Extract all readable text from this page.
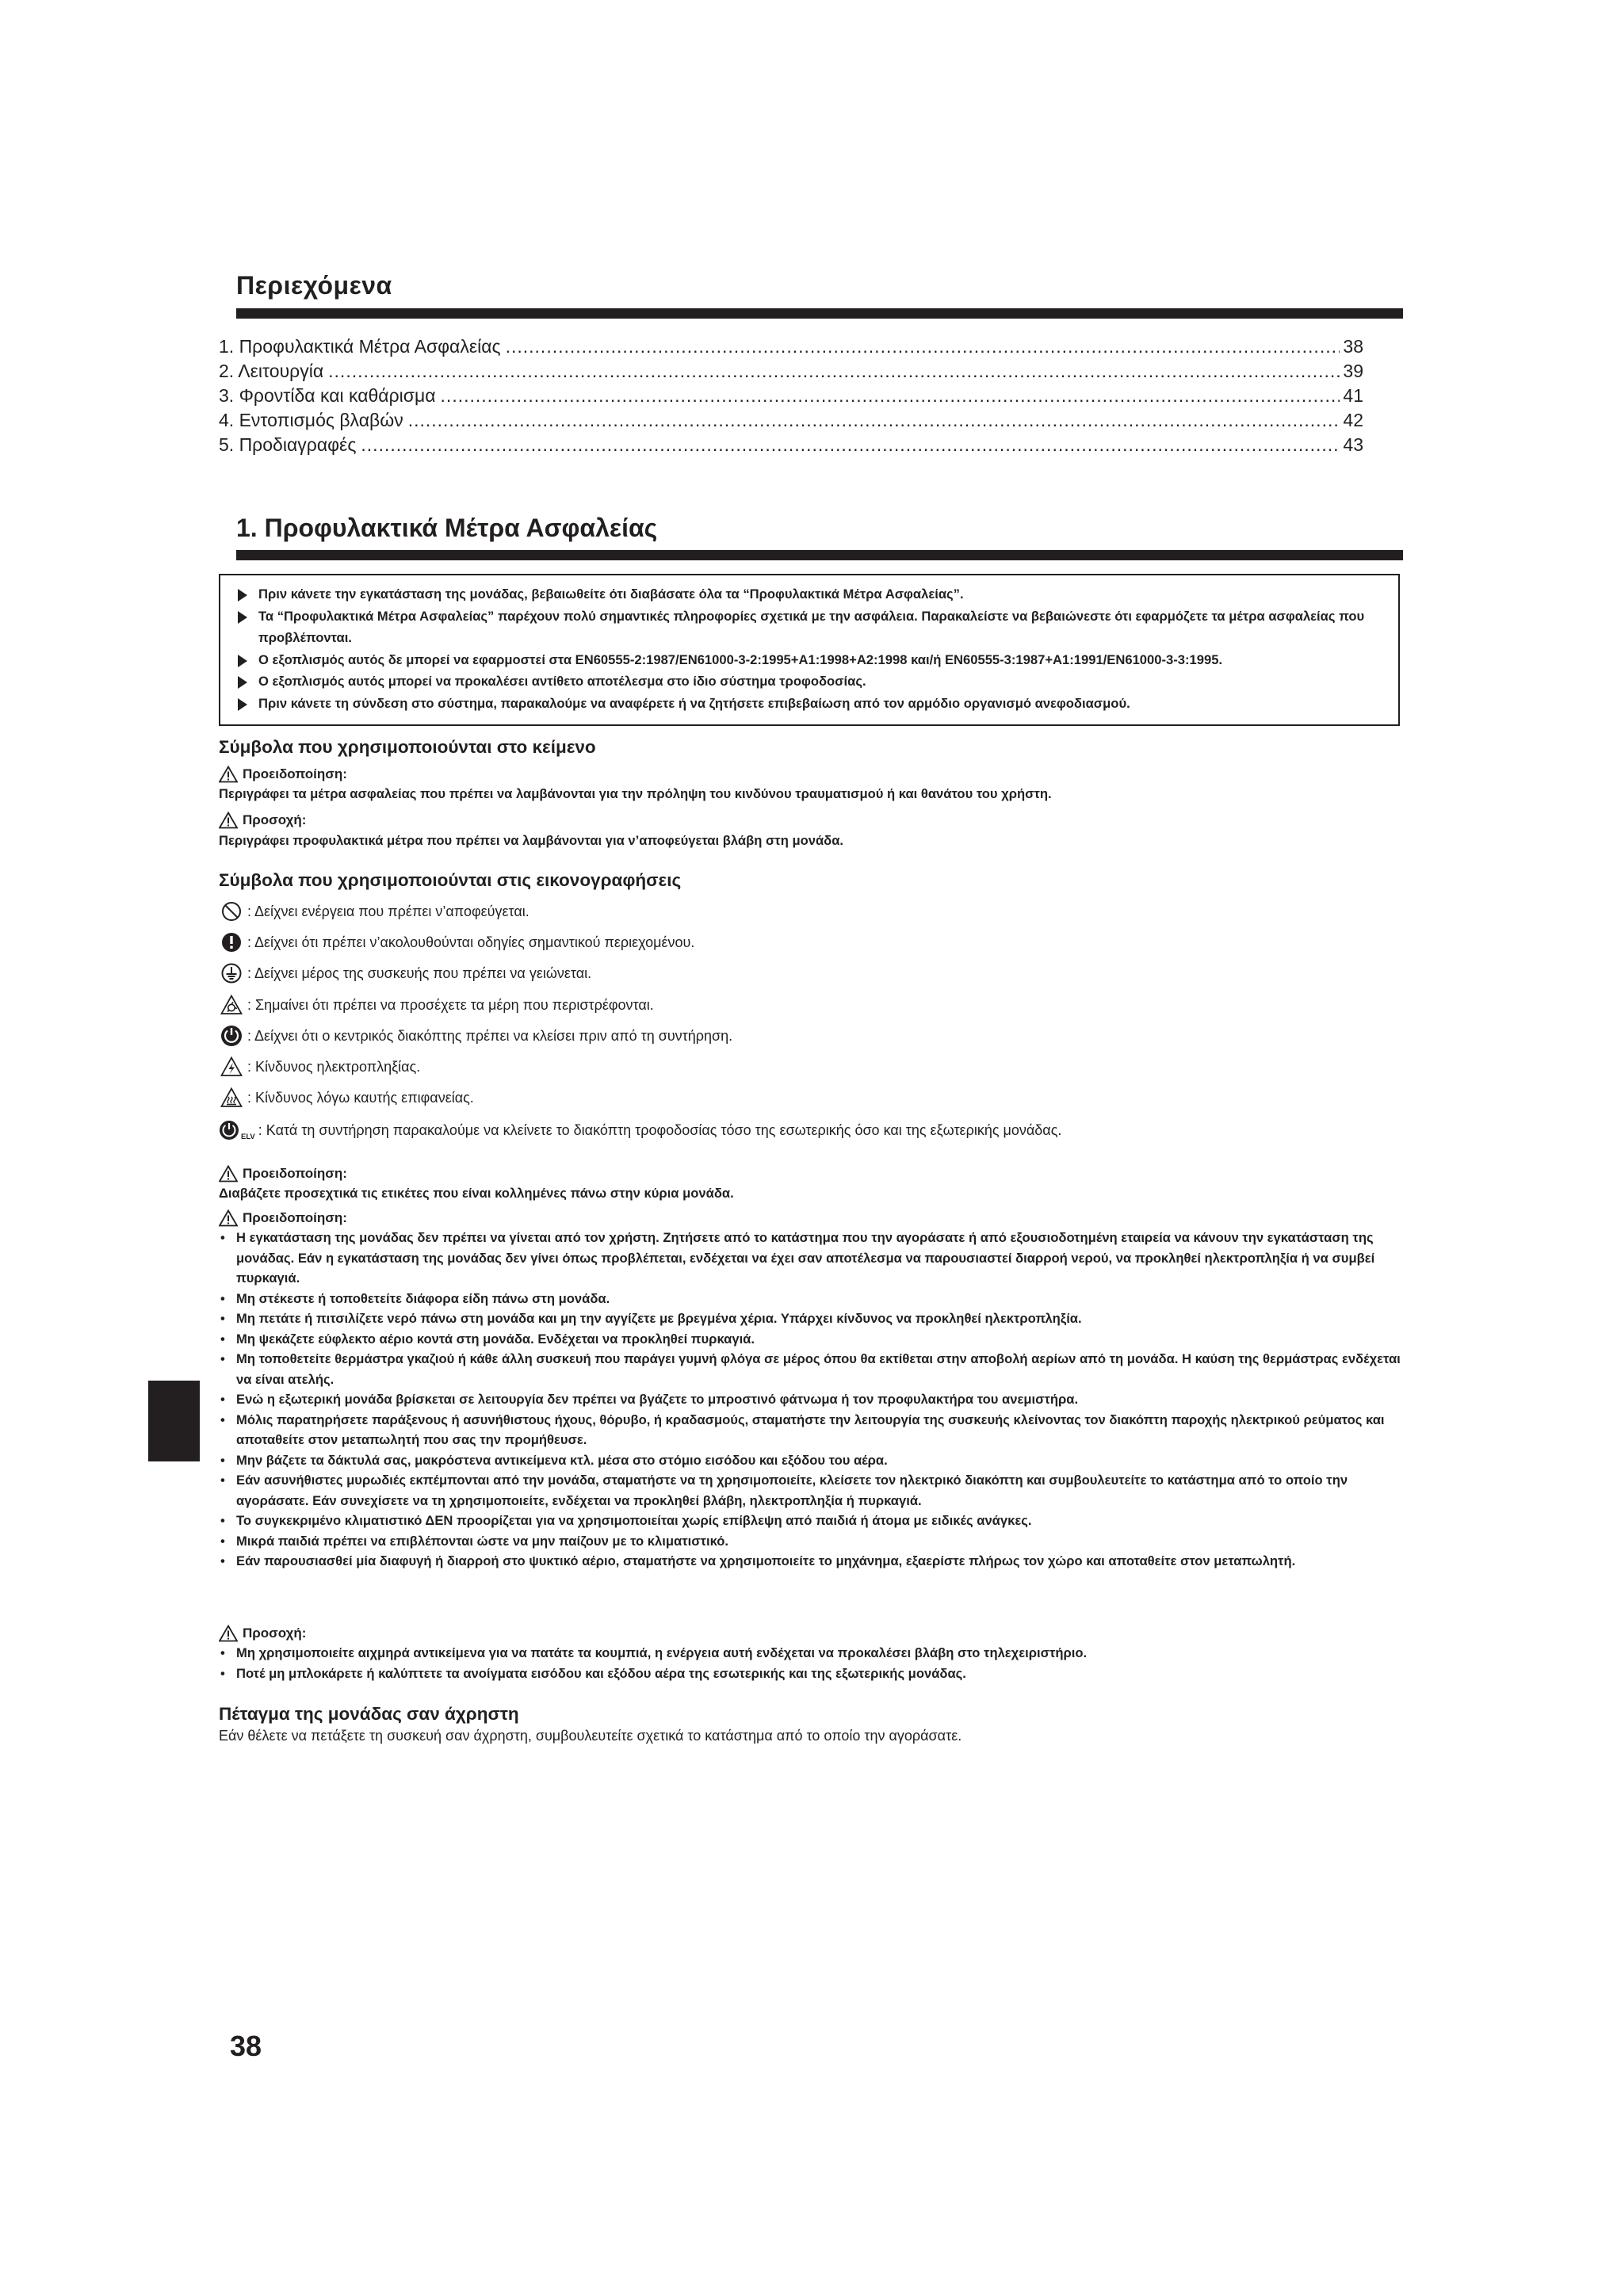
Περιεχόμενα
1. Προφυλακτικά Μέτρα Ασφαλείας .....	38
2. Λειτουργία .....	39
3. Φροντίδα και καθάρισμα .....	41
4. Εντοπισμός βλαβών .....	42
5. Προδιαγραφές .....	43
1. Προφυλακτικά Μέτρα Ασφαλείας
Πριν κάνετε την εγκατάσταση της μονάδας, βεβαιωθείτε ότι διαβάσατε όλα τα “Προφυλακτικά Μέτρα Ασφαλείας”.
Τα “Προφυλακτικά Μέτρα Ασφαλείας” παρέχουν πολύ σημαντικές πληροφορίες σχετικά με την ασφάλεια. Παρακαλείστε να βεβαιώνεστε ότι εφαρμόζετε τα μέτρα ασφαλείας που προβλέπονται.
Ο εξοπλισμός αυτός δε μπορεί να εφαρμοστεί στα EN60555-2:1987/EN61000-3-2:1995+A1:1998+A2:1998 και/ή EN60555-3:1987+A1:1991/EN61000-3-3:1995.
Ο εξοπλισμός αυτός μπορεί να προκαλέσει αντίθετο αποτέλεσμα στο ίδιο σύστημα τροφοδοσίας.
Πριν κάνετε τη σύνδεση στο σύστημα, παρακαλούμε να αναφέρετε ή να ζητήσετε επιβεβαίωση από τον αρμόδιο οργανισμό ανεφοδιασμού.
Σύμβολα που χρησιμοποιούνται στο κείμενο
Προειδοποίηση:
Περιγράφει τα μέτρα ασφαλείας που πρέπει να λαμβάνονται για την πρόληψη του κινδύνου τραυματισμού ή και θανάτου του χρήστη.
Προσοχή:
Περιγράφει προφυλακτικά μέτρα που πρέπει να λαμβάνονται για ν’αποφεύγεται βλάβη στη μονάδα.
Σύμβολα που χρησιμοποιούνται στις εικονογραφήσεις
: Δείχνει ενέργεια που πρέπει ν’αποφεύγεται.
: Δείχνει ότι πρέπει ν’ακολουθούνται οδηγίες σημαντικού περιεχομένου.
: Δείχνει μέρος της συσκευής που πρέπει να γειώνεται.
: Σημαίνει ότι πρέπει να προσέχετε τα μέρη που περιστρέφονται.
: Δείχνει ότι ο κεντρικός διακόπτης πρέπει να κλείσει πριν από τη συντήρηση.
: Κίνδυνος ηλεκτροπληξίας.
: Κίνδυνος λόγω καυτής επιφανείας.
ELV : Κατά τη συντήρηση παρακαλούμε να κλείνετε το διακόπτη τροφοδοσίας τόσο της εσωτερικής όσο και της εξωτερικής μονάδας.
Προειδοποίηση:
Διαβάζετε προσεχτικά τις ετικέτες που είναι κολλημένες πάνω στην κύρια μονάδα.
Προειδοποίηση:
• Η εγκατάσταση της μονάδας δεν πρέπει να γίνεται από τον χρήστη. Ζητήσετε από το κατάστημα που την αγοράσατε ή από εξουσιοδοτημένη εταιρεία να κάνουν την εγκατάσταση της μονάδας. Εάν η εγκατάσταση της μονάδας δεν γίνει όπως προβλέπεται, ενδέχεται να έχει σαν αποτέλεσμα να παρουσιαστεί διαρροή νερού, να προκληθεί ηλεκτροπληξία ή να συμβεί πυρκαγιά.
• Μη στέκεστε ή τοποθετείτε διάφορα είδη πάνω στη μονάδα.
• Μη πετάτε ή πιτσιλίζετε νερό πάνω στη μονάδα και μη την αγγίζετε με βρεγμένα χέρια. Υπάρχει κίνδυνος να προκληθεί ηλεκτροπληξία.
• Μη ψεκάζετε εύφλεκτο αέριο κοντά στη μονάδα. Ενδέχεται να προκληθεί πυρκαγιά.
• Μη τοποθετείτε θερμάστρα γκαζιού ή κάθε άλλη συσκευή που παράγει γυμνή φλόγα σε μέρος όπου θα εκτίθεται στην αποβολή αερίων από τη μονάδα. Η καύση της θερμάστρας ενδέχεται να είναι ατελής.
• Ενώ η εξωτερική μονάδα βρίσκεται σε λειτουργία δεν πρέπει να βγάζετε το μπροστινό φάτνωμα ή τον προφυλακτήρα του ανεμιστήρα.
• Μόλις παρατηρήσετε παράξενους ή ασυνήθιστους ήχους, θόρυβο, ή κραδασμούς, σταματήστε την λειτουργία της συσκευής κλείνοντας τον διακόπτη παροχής ηλεκτρικού ρεύματος και αποταθείτε στον μεταπωλητή που σας την προμήθευσε.
• Μην βάζετε τα δάκτυλά σας, μακρόστενα αντικείμενα κτλ. μέσα στο στόμιο εισόδου και εξόδου του αέρα.
• Εάν ασυνήθιστες μυρωδιές εκπέμπονται από την μονάδα, σταματήστε να τη χρησιμοποιείτε, κλείσετε τον ηλεκτρικό διακόπτη και συμβουλευτείτε το κατάστημα από το οποίο την αγοράσατε. Εάν συνεχίσετε να τη χρησιμοποιείτε, ενδέχεται να προκληθεί βλάβη, ηλεκτροπληξία ή πυρκαγιά.
• Το συγκεκριμένο κλιματιστικό ΔΕΝ προορίζεται για να χρησιμοποιείται χωρίς επίβλεψη από παιδιά ή άτομα με ειδικές ανάγκες.
• Μικρά παιδιά πρέπει να επιβλέπονται ώστε να μην παίζουν με το κλιματιστικό.
• Εάν παρουσιασθεί μία διαφυγή ή διαρροή στο ψυκτικό αέριο, σταματήστε να χρησιμοποιείτε το μηχάνημα, εξαερίστε πλήρως τον χώρο και αποταθείτε στον μεταπωλητή.
Προσοχή:
• Μη χρησιμοποιείτε αιχμηρά αντικείμενα για να πατάτε τα κουμπιά, η ενέργεια αυτή ενδέχεται να προκαλέσει βλάβη στο τηλεχειριστήριο.
• Ποτέ μη μπλοκάρετε ή καλύπτετε τα ανοίγματα εισόδου και εξόδου αέρα της εσωτερικής και της εξωτερικής μονάδας.
Πέταγμα της μονάδας σαν άχρηστη
Εάν θέλετε να πετάξετε τη συσκευή σαν άχρηστη, συμβουλευτείτε σχετικά το κατάστημα από το οποίο την αγοράσατε.
38
